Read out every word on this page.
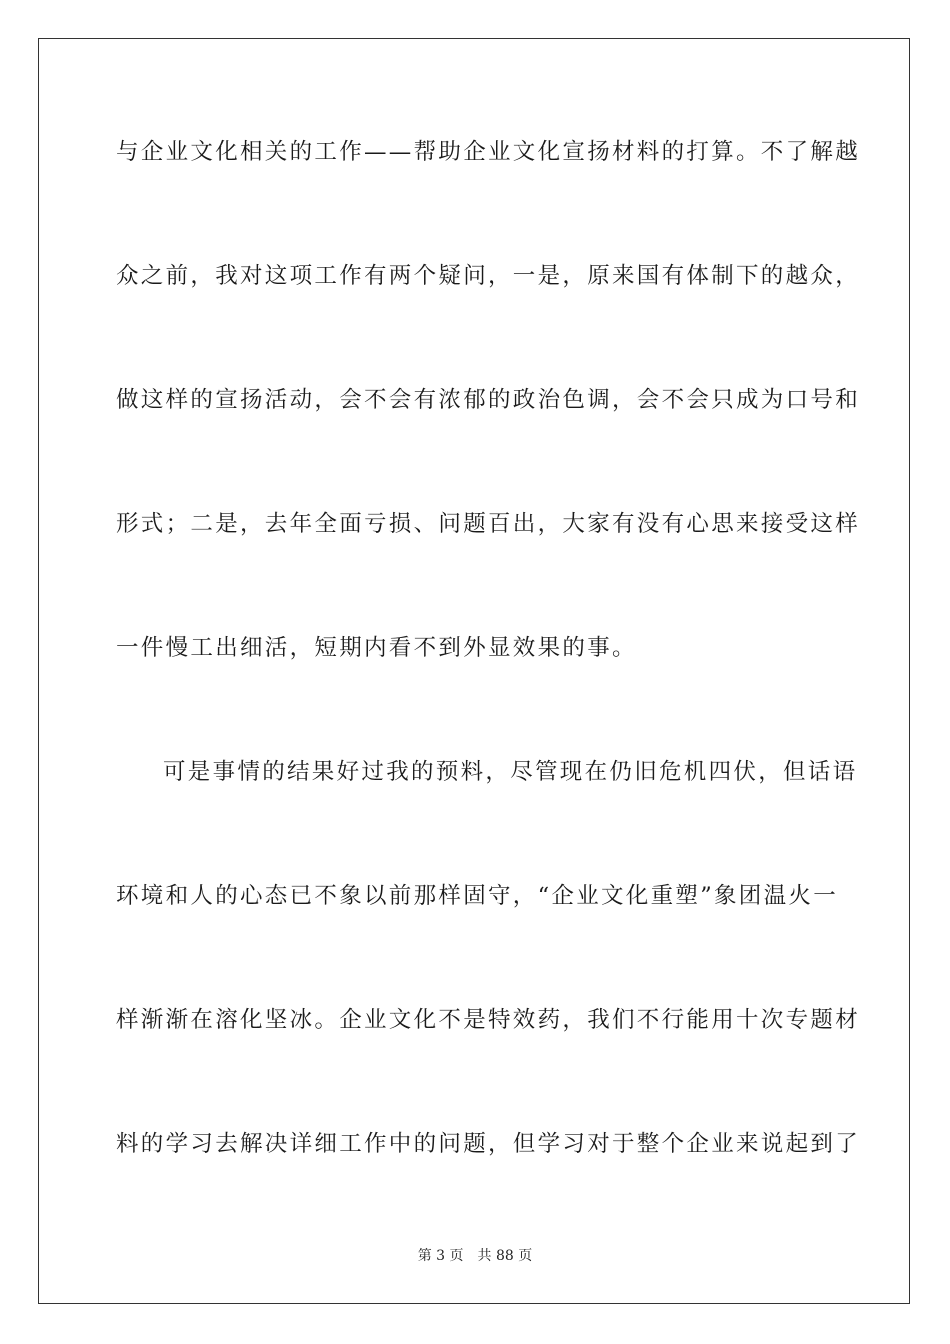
与企业文化相关的工作——帮助企业文化宣扬材料的打算。不了解越
众之前，我对这项工作有两个疑问，一是，原来国有体制下的越众，
做这样的宣扬活动，会不会有浓郁的政治色调，会不会只成为口号和
形式；二是，去年全面亏损、问题百出，大家有没有心思来接受这样
一件慢工出细活，短期内看不到外显效果的事。
可是事情的结果好过我的预料，尽管现在仍旧危机四伏，但话语
环境和人的心态已不象以前那样固守，“企业文化重塑”象团温火一
样渐渐在溶化坚冰。企业文化不是特效药，我们不行能用十次专题材
料的学习去解决详细工作中的问题，但学习对于整个企业来说起到了
第 3 页 共 88 页
